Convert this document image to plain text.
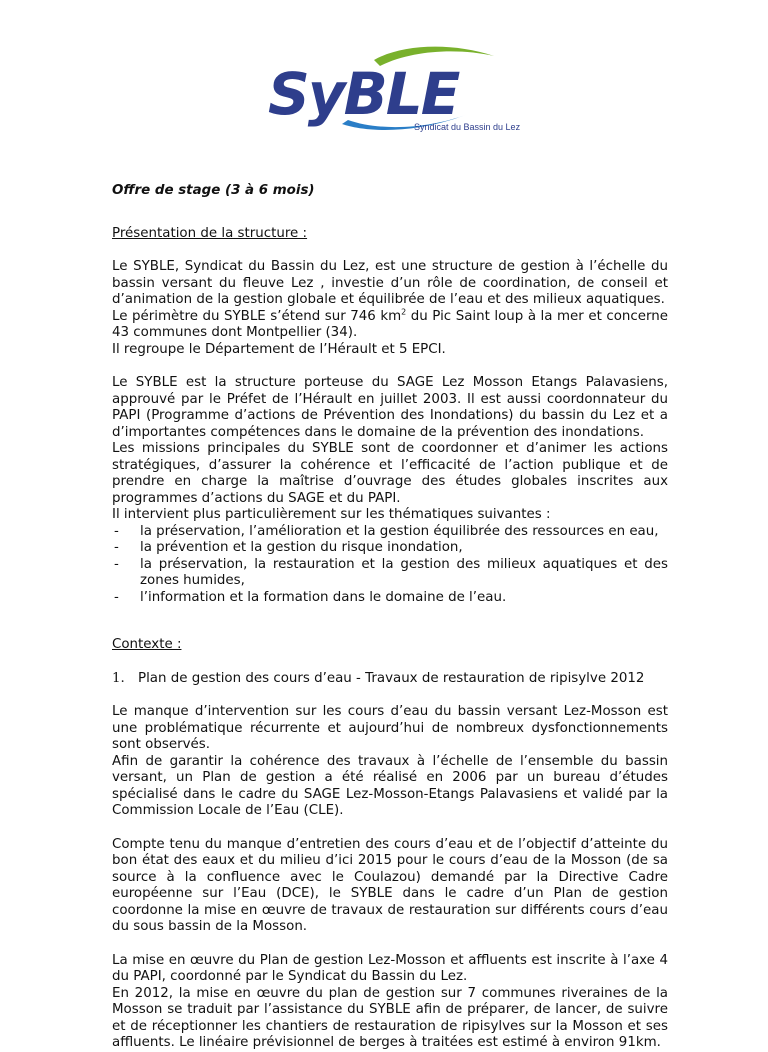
SyBLE
Syndicat du Bassin du Lez

Offre de stage (3 à 6 mois)

Présentation de la structure :

Le SYBLE, Syndicat du Bassin du Lez, est une structure de gestion à l’échelle du bassin versant du fleuve Lez , investie d’un rôle de coordination, de conseil et d’animation de la gestion globale et équilibrée de l’eau et des milieux aquatiques.

Le périmètre du SYBLE s’étend sur 746 $km^2$ du Pic Saint loup à la mer et concerne 43 communes dont Montpellier (34).

Il regroupe le Département de l’Hérault et 5 EPCI.

Le SYBLE est la structure porteuse du SAGE Lez Mosson Etangs Palavasiens, approuvé par le Préfet de l’Hérault en juillet 2003. Il est aussi coordonnateur du PAPI (Programme d’actions de Prévention des Inondations) du bassin du Lez et a d’importantes compétences dans le domaine de la prévention des inondations.

Les missions principales du SYBLE sont de coordonner et d’animer les actions stratégiques, d’assurer la cohérence et l’efficacité de l’action publique et de prendre en charge la maîtrise d’ouvrage des études globales inscrites aux programmes d’actions du SAGE et du PAPI.

Il intervient plus particulièrement sur les thématiques suivantes :

- la préservation, l’amélioration et la gestion équilibrée des ressources en eau,
- la prévention et la gestion du risque inondation,
- la préservation, la restauration et la gestion des milieux aquatiques et des zones humides,
- l’information et la formation dans le domaine de l’eau.

Contexte :

1. Plan de gestion des cours d’eau - Travaux de restauration de ripisylve 2012

Le manque d’intervention sur les cours d’eau du bassin versant Lez-Mosson est une problématique récurrente et aujourd’hui de nombreux dysfonctionnements sont observés.

Afin de garantir la cohérence des travaux à l’échelle de l’ensemble du bassin versant, un Plan de gestion a été réalisé en 2006 par un bureau d’études spécialisé dans le cadre du SAGE Lez-Mosson-Etangs Palavasiens et validé par la Commission Locale de l’Eau (CLE).

Compte tenu du manque d’entretien des cours d’eau et de l’objectif d’atteinte du bon état des eaux et du milieu d’ici 2015 pour le cours d’eau de la Mosson (de sa source à la confluence avec le Coulazou) demandé par la Directive Cadre européenne sur l’Eau (DCE), le SYBLE dans le cadre d’un Plan de gestion coordonne la mise en œuvre de travaux de restauration sur différents cours d’eau du sous bassin de la Mosson.

La mise en œuvre du Plan de gestion Lez-Mosson et affluents est inscrite à l’axe 4 du PAPI, coordonné par le Syndicat du Bassin du Lez.

En 2012, la mise en œuvre du plan de gestion sur 7 communes riveraines de la Mosson se traduit par l’assistance du SYBLE afin de préparer, de lancer, de suivre et de réceptionner les chantiers de restauration de ripisylves sur la Mosson et ses affluents. Le linéaire prévisionnel de berges à traitées est estimé à environ 91km.
